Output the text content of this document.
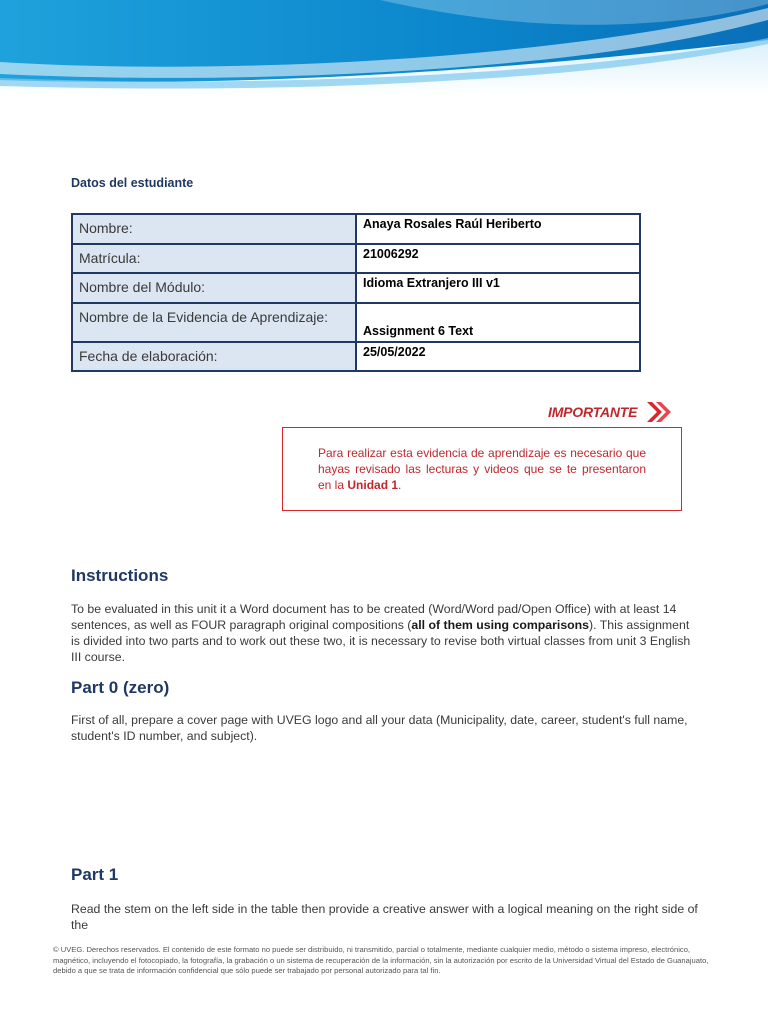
Datos del estudiante
Nombre:	Anaya Rosales Raúl Heriberto
Matrícula:	21006292
Nombre del Módulo:	Idioma Extranjero III v1
Nombre de la Evidencia de Aprendizaje:	Assignment 6 Text
Fecha de elaboración:	25/05/2022
IMPORTANTE

Para realizar esta evidencia de aprendizaje es necesario que hayas revisado las lecturas y videos que se te presentaron en la Unidad 1.

Instructions

To be evaluated in this unit it a Word document has to be created (Word/Word pad/Open Office) with at least 14 sentences, as well as FOUR paragraph original compositions (all of them using comparisons). This assignment is divided into two parts and to work out these two, it is necessary to revise both virtual classes from unit 3 English III course.

Part 0 (zero)

First of all, prepare a cover page with UVEG logo and all your data (Municipality, date, career, student's full name, student's ID number, and subject).

Part 1

Read the stem on the left side in the table then provide a creative answer with a logical meaning on the right side of the

© UVEG. Derechos reservados. El contenido de este formato no puede ser distribuido, ni transmitido, parcial o totalmente, mediante cualquier medio, método o sistema impreso, electrónico, magnético, incluyendo el fotocopiado, la fotografía, la grabación o un sistema de recuperación de la información, sin la autorización por escrito de la Universidad Virtual del Estado de Guanajuato, debido a que se trata de información confidencial que sólo puede ser trabajado por personal autorizado para tal fin.
